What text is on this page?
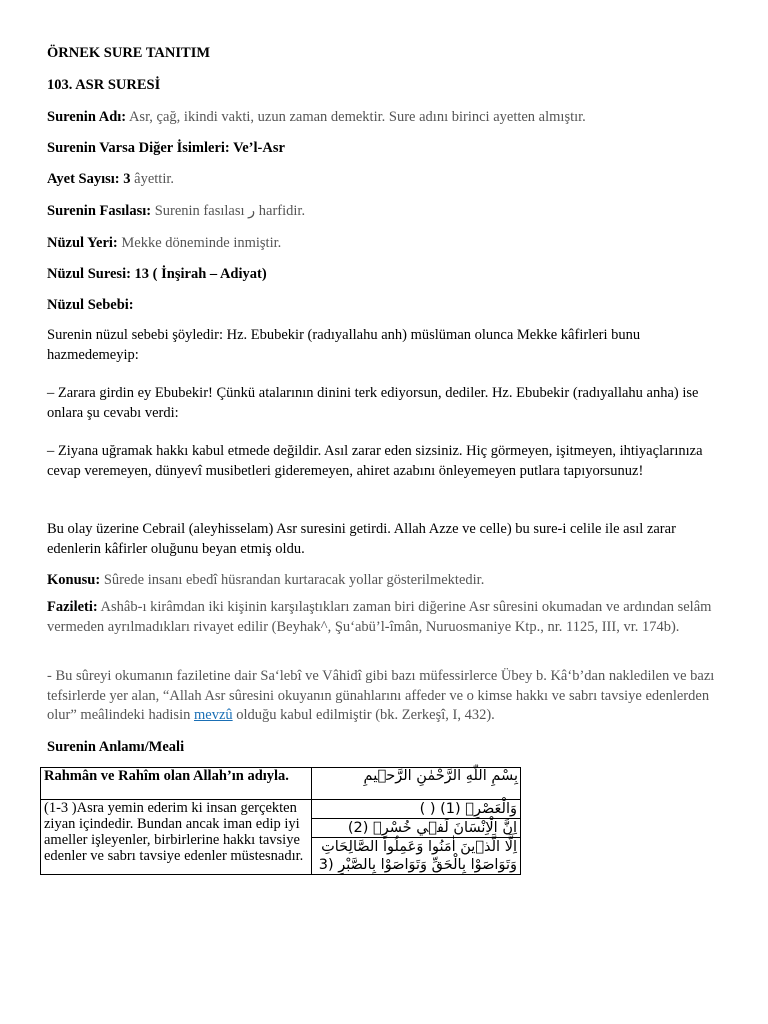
ÖRNEK SURE TANITIM
103. ASR SURESİ
Surenin Adı: Asr, çağ, ikindi vakti, uzun zaman demektir. Sure adını birinci ayetten almıştır.
Surenin Varsa Diğer İsimleri: Ve’l-Asr
Ayet Sayısı: 3 âyettir.
Surenin Fasılası: Surenin fasılası ر harfidir.
Nüzul Yeri: Mekke döneminde inmiştir.
Nüzul Suresi: 13 ( İnşirah – Adiyat)
Nüzul Sebebi:
Surenin nüzul sebebi şöyledir: Hz. Ebubekir (radıyallahu anh) müslüman olunca Mekke kâfirleri bunu hazmedemeyip:
– Zarara girdin ey Ebubekir! Çünkü atalarının dinini terk ediyorsun, dediler. Hz. Ebubekir (radıyallahu anha) ise onlara şu cevabı verdi:
– Ziyana uğramak hakkı kabul etmede değildir. Asıl zarar eden sizsiniz. Hiç görmeyen, işitmeyen, ihtiyaçlarınıza cevap veremeyen, dünyevî musibetleri gideremeyen, ahiret azabını önleyemeyen putlara tapıyorsunuz!
Bu olay üzerine Cebrail (aleyhisselam) Asr suresini getirdi. Allah Azze ve celle) bu sure-i celile ile asıl zarar edenlerin kâfirler oluğunu beyan etmiş oldu.
Konusu: Sûrede insanı ebedî hüsrandan kurtaracak yollar gösterilmektedir.
Fazileti: Ashâb-ı kirâmdan iki kişinin karşılaştıkları zaman biri diğerine Asr sûresini okumadan ve ardından selâm vermeden ayrılmadıkları rivayet edilir (Beyhak^, Şu‘abü’l-îmân, Nuruosmaniye Ktp., nr. 1125, III, vr. 174b).
- Bu sûreyi okumanın faziletine dair Sa‘lebî ve Vâhidî gibi bazı müfessirlerce Übey b. Kâ‘b’dan nakledilen ve bazı tefsirlerde yer alan, “Allah Asr sûresini okuyanın günahlarını affeder ve o kimse hakkı ve sabrı tavsiye edenlerden olur” meâlindeki hadisin mevzû olduğu kabul edilmiştir (bk. Zerkeşî, I, 432).
Surenin Anlamı/Meali
Rahmân ve Rahîm olan Allah’ın adıyla.	بِسْمِ اللّٰهِ الرَّحْمٰنِ الرَّح۪يمِ
(1-3 )Asra yemin ederim ki insan gerçekten ziyan içindedir. Bundan ancak iman edip iyi ameller işleyenler, birbirlerine hakkı tavsiye edenler ve sabrı tavsiye edenler müstesnadır.	وَالْعَصْرِۙ (1) ( )
اِنَّ الْاِنْسَانَ لَف۪ي خُسْرٍۙ (2)
اِلَّا الَّذ۪ينَ اٰمَنُوا وَعَمِلُوا الصَّالِحَاتِ
وَتَوَاصَوْا بِالْحَقِّ وَتَوَاصَوْا بِالصَّبْرِ (3
